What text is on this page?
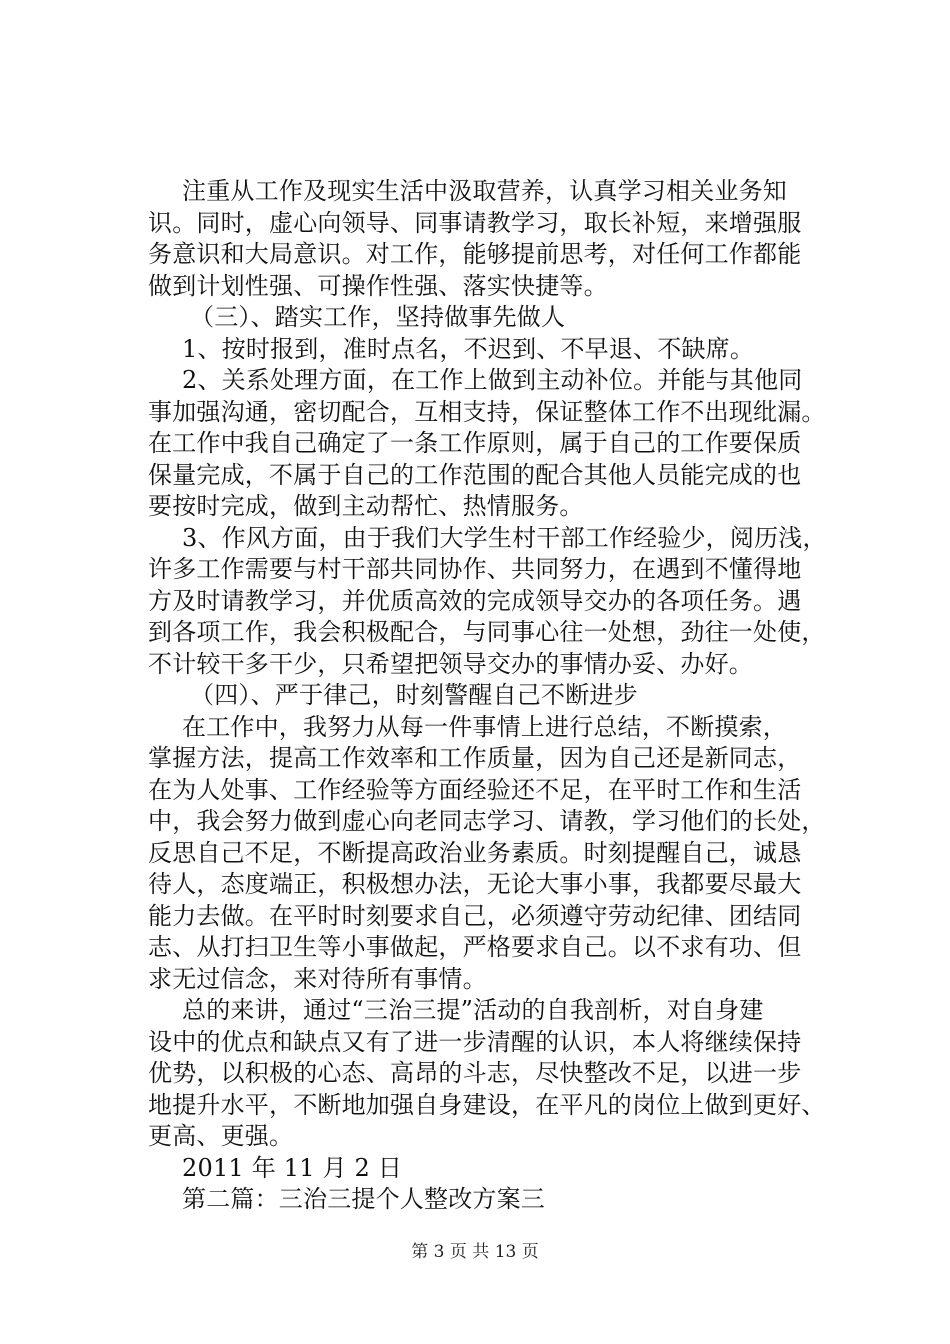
注重从工作及现实生活中汲取营养，认真学习相关业务知
识。同时，虚心向领导、同事请教学习，取长补短，来增强服
务意识和大局意识。对工作，能够提前思考，对任何工作都能
做到计划性强、可操作性强、落实快捷等。
（三）、踏实工作，坚持做事先做人
1、按时报到，准时点名，不迟到、不早退、不缺席。
2、关系处理方面，在工作上做到主动补位。并能与其他同
事加强沟通，密切配合，互相支持，保证整体工作不出现纰漏。
在工作中我自己确定了一条工作原则，属于自己的工作要保质
保量完成，不属于自己的工作范围的配合其他人员能完成的也
要按时完成，做到主动帮忙、热情服务。
3、作风方面，由于我们大学生村干部工作经验少，阅历浅，
许多工作需要与村干部共同协作、共同努力，在遇到不懂得地
方及时请教学习，并优质高效的完成领导交办的各项任务。遇
到各项工作，我会积极配合，与同事心往一处想，劲往一处使，
不计较干多干少，只希望把领导交办的事情办妥、办好。
（四）、严于律己，时刻警醒自己不断进步
在工作中，我努力从每一件事情上进行总结，不断摸索，
掌握方法，提高工作效率和工作质量，因为自己还是新同志，
在为人处事、工作经验等方面经验还不足，在平时工作和生活
中，我会努力做到虚心向老同志学习、请教，学习他们的长处，
反思自己不足，不断提高政治业务素质。时刻提醒自己，诚恳
待人，态度端正，积极想办法，无论大事小事，我都要尽最大
能力去做。在平时时刻要求自己，必须遵守劳动纪律、团结同
志、从打扫卫生等小事做起，严格要求自己。以不求有功、但
求无过信念，来对待所有事情。
总的来讲，通过“三治三提”活动的自我剖析，对自身建
设中的优点和缺点又有了进一步清醒的认识，本人将继续保持
优势，以积极的心态、高昂的斗志，尽快整改不足，以进一步
地提升水平，不断地加强自身建设，在平凡的岗位上做到更好、
更高、更强。
2011 年 11 月 2 日
第二篇：三治三提个人整改方案三
第 3 页 共 13 页
